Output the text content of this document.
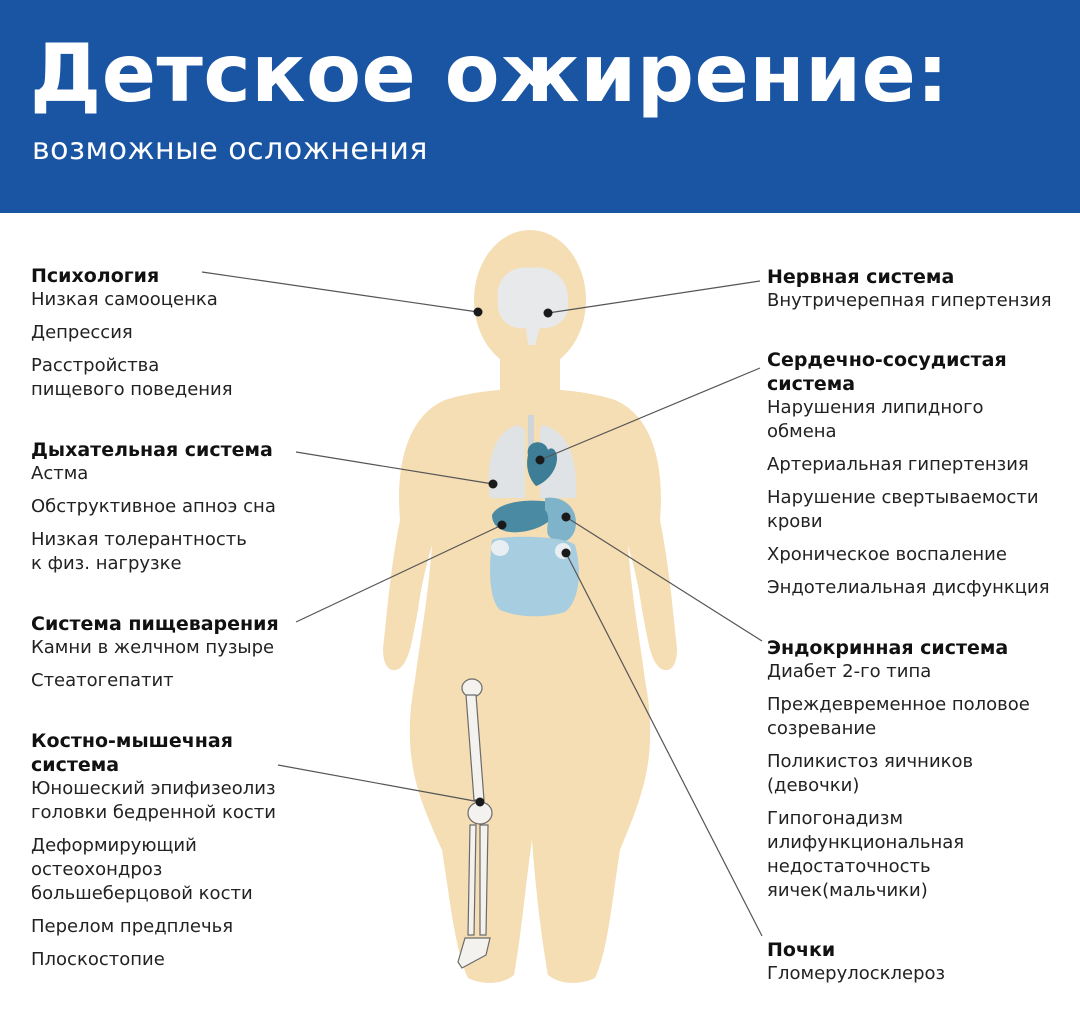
Детское ожирение:

возможные осложнения

Психология
Низкая самооценка
Депрессия
Расстройства
пищевого поведения
Дыхательная система
Астма
Обструктивное апноэ сна
Низкая толерантность
к физ. нагрузке
Система пищеварения
Камни в желчном пузыре
Стеатогепатит
Костно-мышечная
система
Юношеский эпифизеолиз
головки бедренной кости
Деформирующий
остеохондроз
большеберцовой кости
Перелом предплечья
Плоскостопие
Нервная система
Внутричерепная гипертензия
Сердечно-сосудистая
система
Нарушения липидного
обмена
Артериальная гипертензия
Нарушение свертываемости
крови
Хроническое воспаление
Эндотелиальная дисфункция
Эндокринная система
Диабет 2-го типа
Преждевременное половое
созревание
Поликистоз яичников
(девочки)
Гипогонадизм
илифункциональная
недостаточность
яичек(мальчики)
Почки
Гломерулосклероз
